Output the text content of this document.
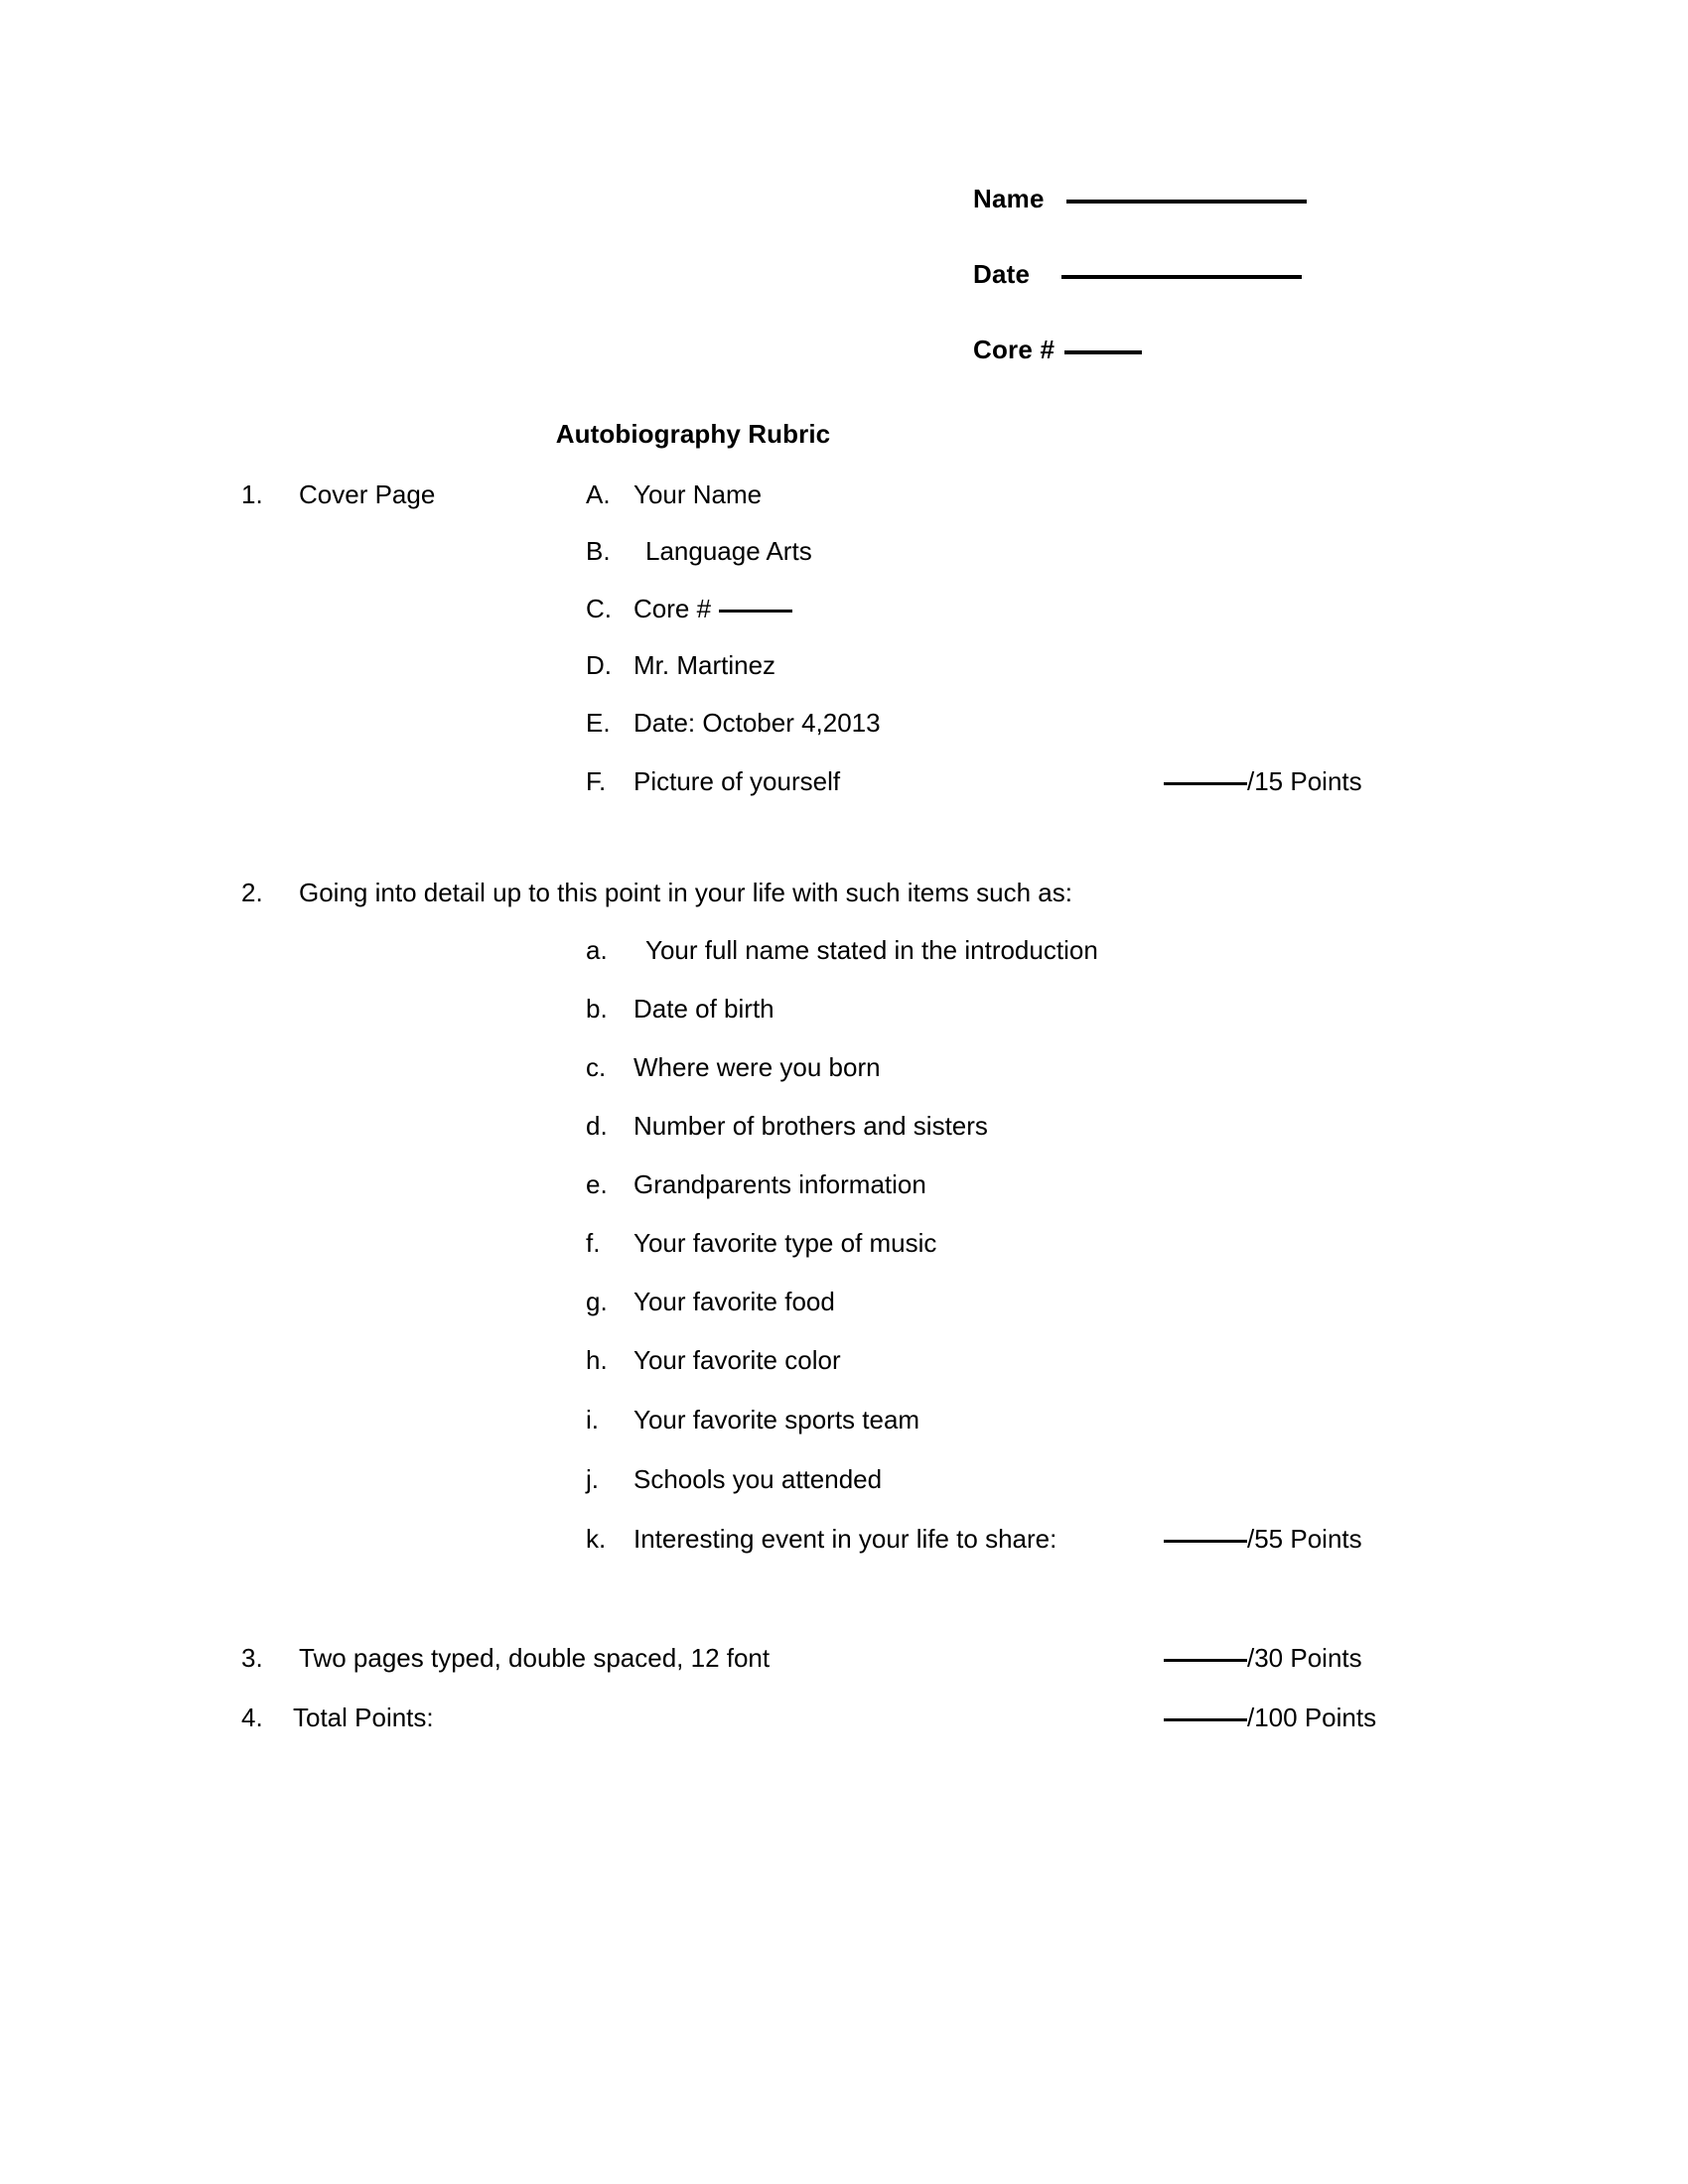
Name
Date
Core #
Autobiography Rubric
1.	Cover Page	A. Your Name
B.	Language Arts
C. Core #
D. Mr. Martinez
E. Date: October 4,2013
F.	Picture of yourself	/15 Points
2.	Going into detail up to this point in your life with such items such as:
a.	Your full name stated in the introduction
b.	Date of birth
c.	Where were you born
d.	Number of brothers and sisters
e.	Grandparents information
f.	Your favorite type of music
g.	Your favorite food
h.	Your favorite color
i.	Your favorite sports team
j.	Schools you attended
k.	Interesting event in your life to share:	/55 Points
3.	Two pages typed, double spaced, 12 font	/30 Points
4.	Total Points:	/100 Points
